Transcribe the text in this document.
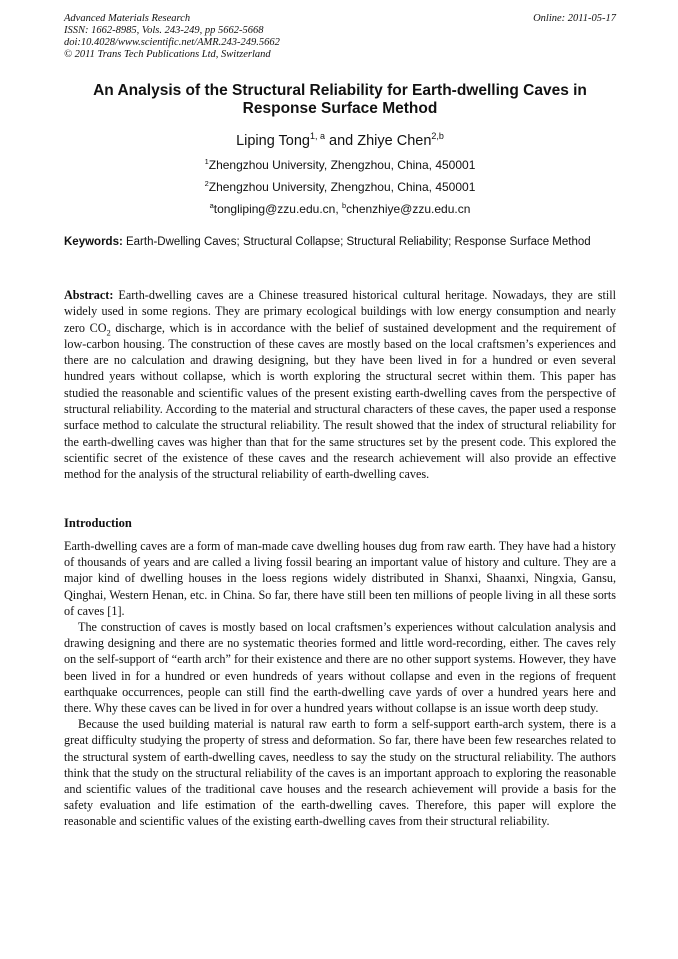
Advanced Materials Research	Online: 2011-05-17
ISSN: 1662-8985, Vols. 243-249, pp 5662-5668
doi:10.4028/www.scientific.net/AMR.243-249.5662
© 2011 Trans Tech Publications Ltd, Switzerland
An Analysis of the Structural Reliability for Earth-dwelling Caves in Response Surface Method
Liping Tong$^{1, a}$ and Zhiye Chen$^{2,b}$
$^1$Zhengzhou University, Zhengzhou, China, 450001
$^2$Zhengzhou University, Zhengzhou, China, 450001
$^a$tongliping@zzu.edu.cn, $^b$chenzhiye@zzu.edu.cn
Keywords: Earth-Dwelling Caves; Structural Collapse; Structural Reliability; Response Surface Method
Abstract: Earth-dwelling caves are a Chinese treasured historical cultural heritage. Nowadays, they are still widely used in some regions. They are primary ecological buildings with low energy consumption and nearly zero $CO_2$ discharge, which is in accordance with the belief of sustained development and the requirement of low-carbon housing. The construction of these caves are mostly based on the local craftsmen’s experiences and there are no calculation and drawing designing, but they have been lived in for a hundred or even several hundred years without collapse, which is worth exploring the structural secret within them. This paper has studied the reasonable and scientific values of the present existing earth-dwelling caves from the perspective of structural reliability. According to the material and structural characters of these caves, the paper used a response surface method to calculate the structural reliability. The result showed that the index of structural reliability for the earth-dwelling caves was higher than that for the same structures set by the present code. This explored the scientific secret of the existence of these caves and the research achievement will also provide an effective method for the analysis of the structural reliability of earth-dwelling caves.
Introduction

Earth-dwelling caves are a form of man-made cave dwelling houses dug from raw earth. They have had a history of thousands of years and are called a living fossil bearing an important value of history and culture. They are a major kind of dwelling houses in the loess regions widely distributed in Shanxi, Shaanxi, Ningxia, Gansu, Qinghai, Western Henan, etc. in China. So far, there have still been ten millions of people living in all these sorts of caves [1].

The construction of caves is mostly based on local craftsmen’s experiences without calculation analysis and drawing designing and there are no systematic theories formed and little word-recording, either. The caves rely on the self-support of “earth arch” for their existence and there are no other support systems. However, they have been lived in for a hundred or even hundreds of years without collapse and even in the regions of frequent earthquake occurrences, people can still find the earth-dwelling cave yards of over a hundred years here and there. Why these caves can be lived in for over a hundred years without collapse is an issue worth deep study.

Because the used building material is natural raw earth to form a self-support earth-arch system, there is a great difficulty studying the property of stress and deformation. So far, there have been few researches related to the structural system of earth-dwelling caves, needless to say the study on the structural reliability. The authors think that the study on the structural reliability of the caves is an important approach to exploring the reasonable and scientific values of the traditional cave houses and the research achievement will provide a basis for the safety evaluation and life estimation of the earth-dwelling caves. Therefore, this paper will explore the reasonable and scientific values of the existing earth-dwelling caves from their structural reliability.
